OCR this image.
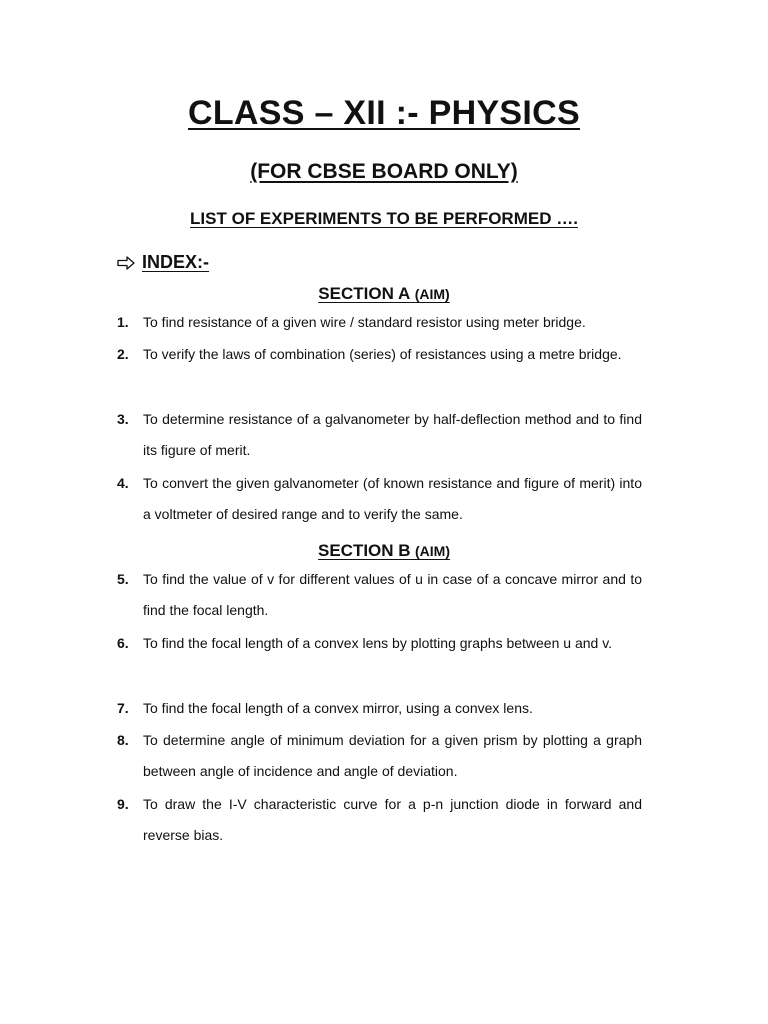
CLASS – XII :- PHYSICS
(FOR CBSE BOARD ONLY)
LIST OF EXPERIMENTS TO BE PERFORMED ….
INDEX:-
SECTION A (AIM)
1.	To find resistance of a given wire / standard resistor using meter bridge.
2.	To verify the laws of combination (series) of resistances using a metre bridge.
3.	To determine resistance of a galvanometer by half-deflection method and to find its figure of merit.
4.	To convert the given galvanometer (of known resistance and figure of merit) into a voltmeter of desired range and to verify the same.
SECTION B (AIM)
5.	To find the value of v for different values of u in case of a concave mirror and to find the focal length.
6.	To find the focal length of a convex lens by plotting graphs between u and v.
7.	To find the focal length of a convex mirror, using a convex lens.
8.	To determine angle of minimum deviation for a given prism by plotting a graph between angle of incidence and angle of deviation.
9.	To draw the I-V characteristic curve for a p-n junction diode in forward and reverse bias.
